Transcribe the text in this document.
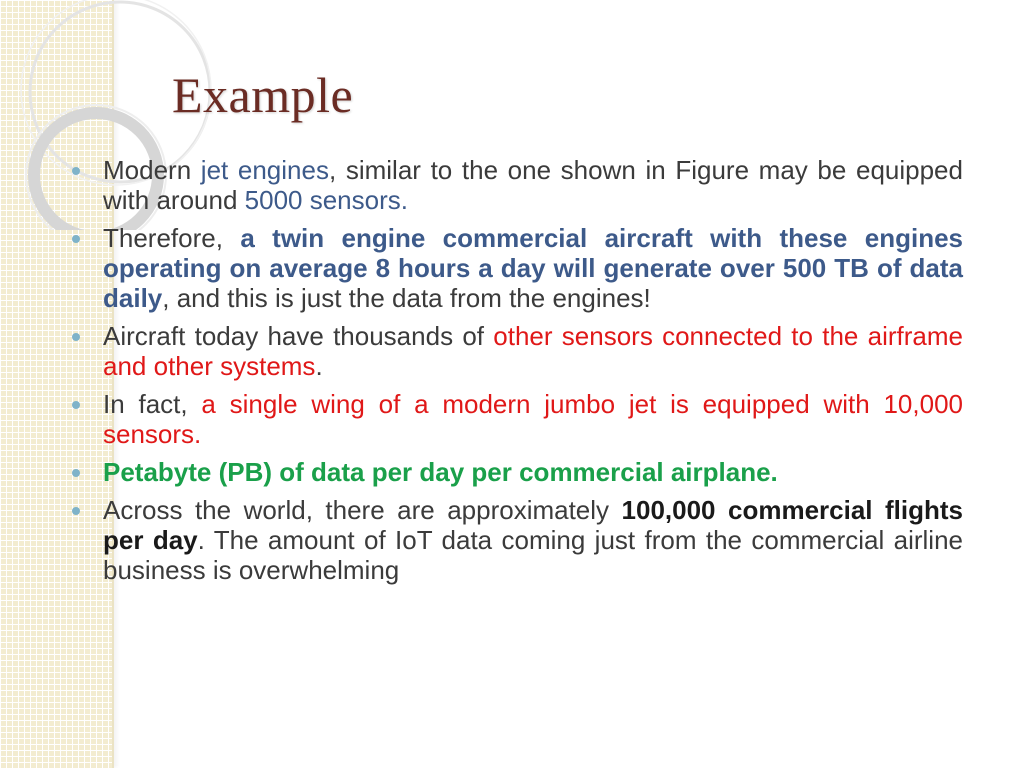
Example
Modern jet engines, similar to the one shown in Figure may be equipped with around 5000 sensors.
Therefore, a twin engine commercial aircraft with these engines operating on average 8 hours a day will generate over 500 TB of data daily, and this is just the data from the engines!
Aircraft today have thousands of other sensors connected to the airframe and other systems.
In fact, a single wing of a modern jumbo jet is equipped with 10,000 sensors.
Petabyte (PB) of data per day per commercial airplane.
Across the world, there are approximately 100,000 commercial flights per day. The amount of IoT data coming just from the commercial airline business is overwhelming
